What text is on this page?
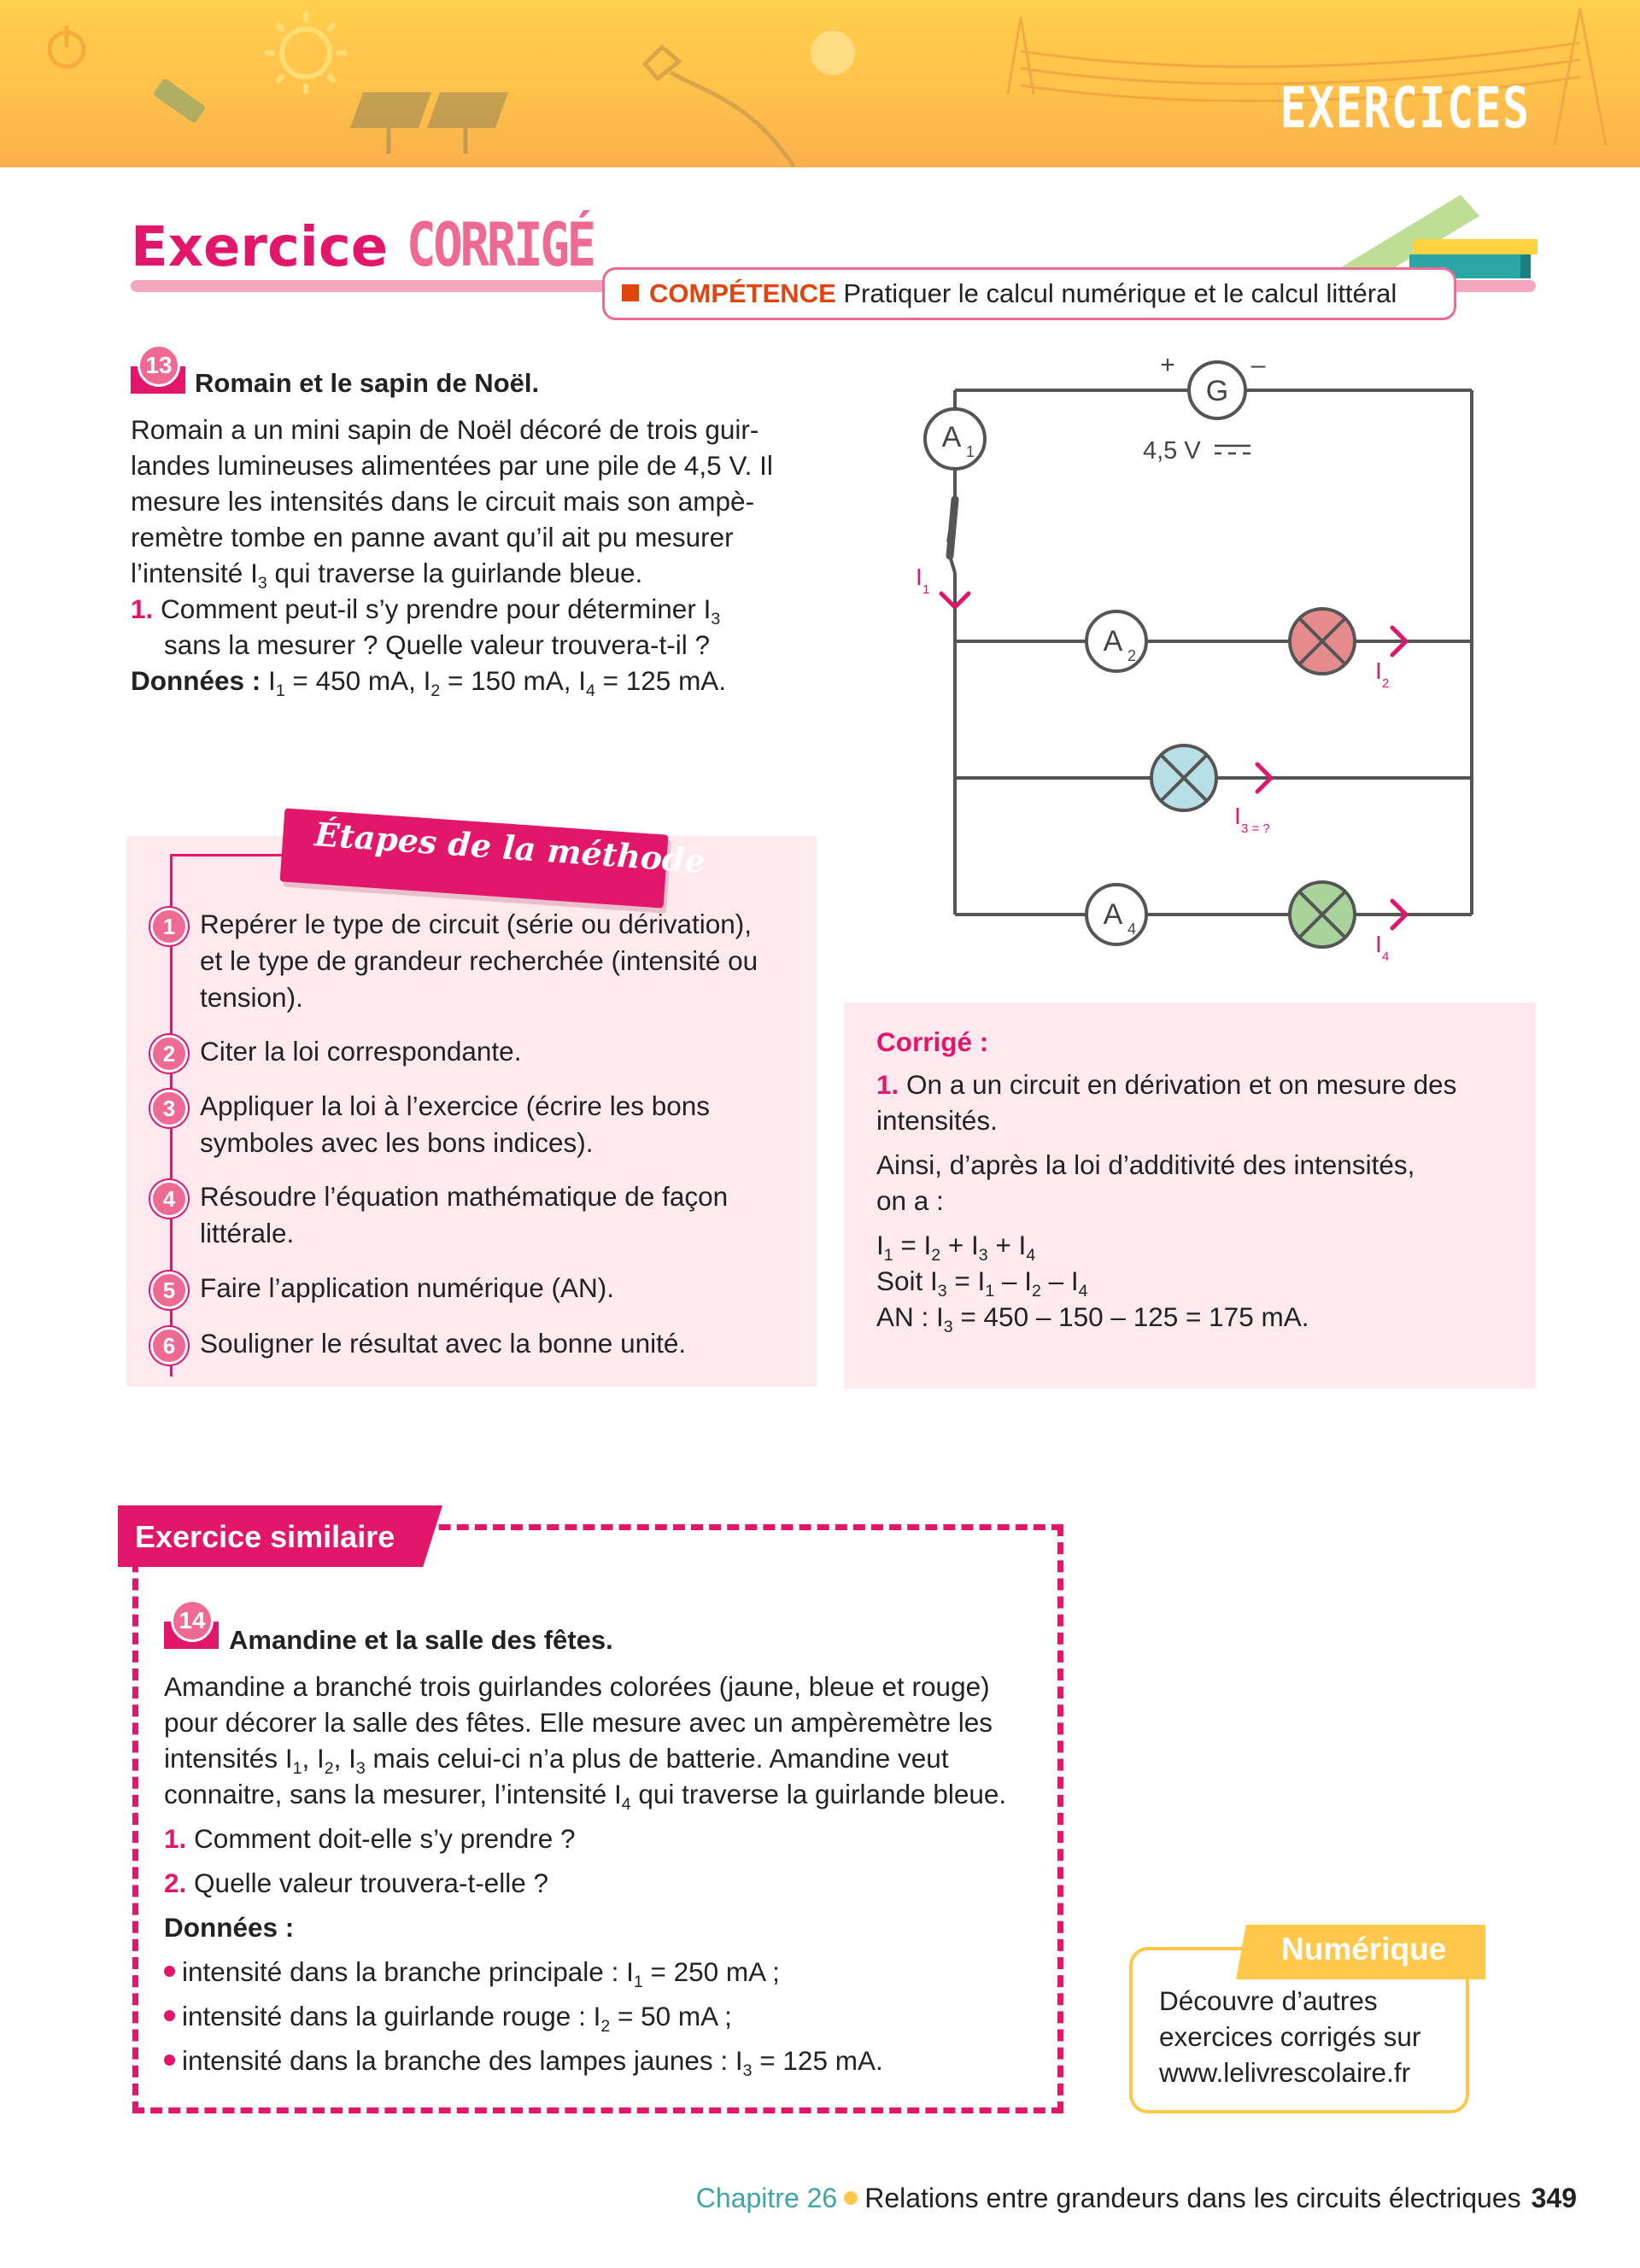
EXERCICES
Exercice CORRIGÉ
COMPÉTENCE Pratiquer le calcul numérique et le calcul littéral
13
Romain et le sapin de Noël.
Romain a un mini sapin de Noël décoré de trois guir-
landes lumineuses alimentées par une pile de 4,5 V. Il
mesure les intensités dans le circuit mais son ampè-
remètre tombe en panne avant qu’il ait pu mesurer
l’intensité $I_3$ qui traverse la guirlande bleue.
1. Comment peut-il s’y prendre pour déterminer $I_3$
sans la mesurer ? Quelle valeur trouvera-t-il ?
Données : $I_1 = 450$ mA, $I_2 = 150$ mA, $I_4 = 125$ mA.
G
+	–
4,5 V
A 1
A 2
A 4
I 1
I 2
I 3 = ?
I 4
Étapes de la méthode
1 Repérer le type de circuit (série ou dérivation),
et le type de grandeur recherchée (intensité ou
tension).
2 Citer la loi correspondante.
3 Appliquer la loi à l’exercice (écrire les bons
symboles avec les bons indices).
4 Résoudre l’équation mathématique de façon
littérale.
5 Faire l’application numérique (AN).
6 Souligner le résultat avec la bonne unité.
Corrigé :
1. On a un circuit en dérivation et on mesure des
intensités.
Ainsi, d’après la loi d’additivité des intensités,
on a :
$I_1 = I_2 + I_3 + I_4$
Soit $I_3 = I_1 - I_2 - I_4$
AN : $I_3 = 450 - 150 - 125 = 175$ mA.
Exercice similaire
14
Amandine et la salle des fêtes.
Amandine a branché trois guirlandes colorées (jaune, bleue et rouge)
pour décorer la salle des fêtes. Elle mesure avec un ampèremètre les
intensités $I_1$, $I_2$, $I_3$ mais celui-ci n’a plus de batterie. Amandine veut
connaitre, sans la mesurer, l’intensité $I_4$ qui traverse la guirlande bleue.
1. Comment doit-elle s’y prendre ?
2. Quelle valeur trouvera-t-elle ?
Données :
intensité dans la branche principale : $I_1 = 250$ mA ;
intensité dans la guirlande rouge : $I_2 = 50$ mA ;
intensité dans la branche des lampes jaunes : $I_3 = 125$ mA.
Numérique
Découvre d’autres
exercices corrigés sur
www.lelivrescolaire.fr
Chapitre 26 Relations entre grandeurs dans les circuits électriques 349
